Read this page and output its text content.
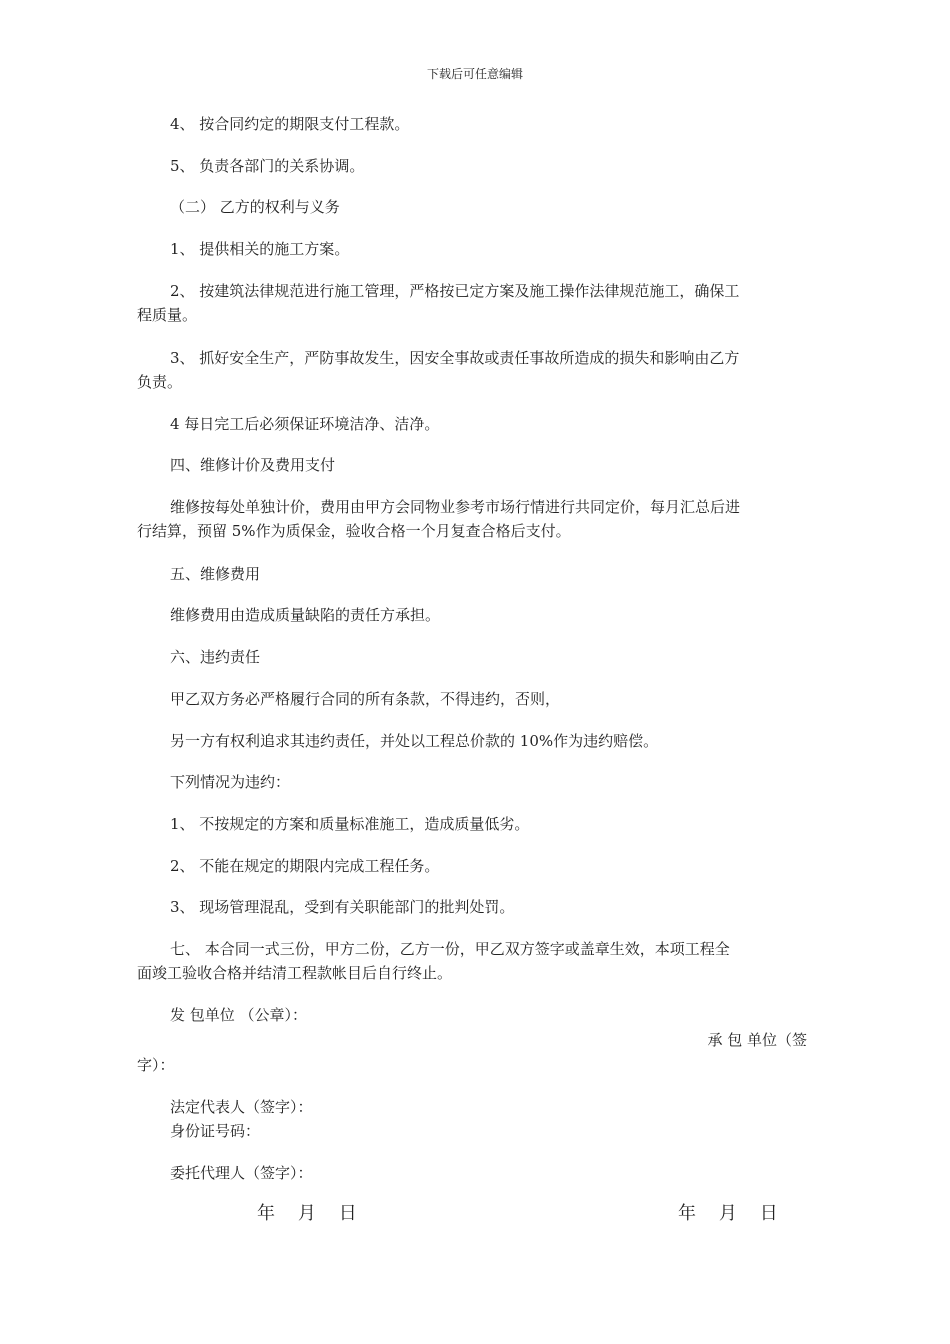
下载后可任意编辑
4、 按合同约定的期限支付工程款。
5、 负责各部门的关系协调。
（二） 乙方的权利与义务
1、 提供相关的施工方案。
2、 按建筑法律规范进行施工管理，严格按已定方案及施工操作法律规范施工，确保工
程质量。
3、 抓好安全生产，严防事故发生，因安全事故或责任事故所造成的损失和影响由乙方
负责。
4 每日完工后必须保证环境洁净、洁净。
四、维修计价及费用支付
维修按每处单独计价，费用由甲方会同物业参考市场行情进行共同定价，每月汇总后进
行结算，预留 5%作为质保金，验收合格一个月复查合格后支付。
五、维修费用
维修费用由造成质量缺陷的责任方承担。
六、违约责任
甲乙双方务必严格履行合同的所有条款，不得违约，否则，
另一方有权利追求其违约责任，并处以工程总价款的 10%作为违约赔偿。
下列情况为违约：
1、 不按规定的方案和质量标准施工，造成质量低劣。
2、 不能在规定的期限内完成工程任务。
3、 现场管理混乱，受到有关职能部门的批判处罚。
七、 本合同一式三份，甲方二份，乙方一份，甲乙双方签字或盖章生效，本项工程全
面竣工验收合格并结清工程款帐目后自行终止。
发 包单位 （公章）：
承 包 单位（签
字）：
法定代表人（签字）：
身份证号码：
委托代理人（签字）：
年    月    日	年    月    日
